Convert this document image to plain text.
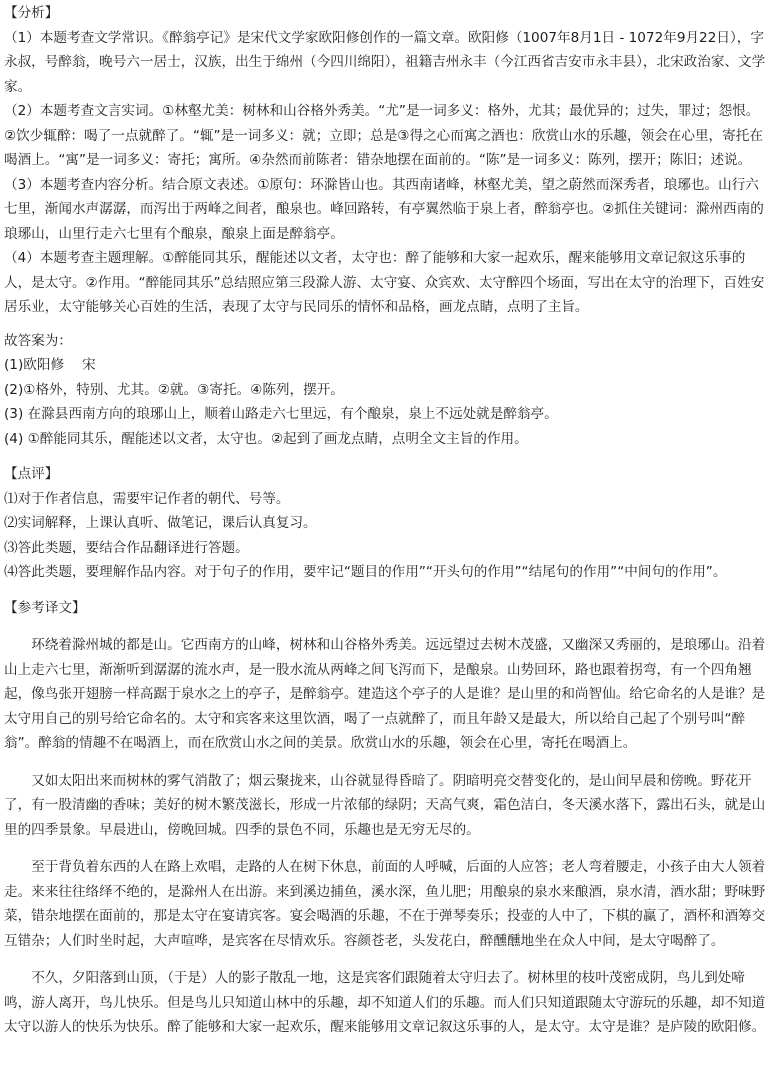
【分析】

（1）本题考查文学常识。《醉翁亭记》是宋代文学家欧阳修创作的一篇文章。欧阳修（1007年8月1日 - 1072年9月22日），字永叔，号醉翁，晚号六一居士，汉族，出生于绵州（今四川绵阳），祖籍吉州永丰（今江西省吉安市永丰县），北宋政治家、文学家。

（2）本题考查文言实词。①林壑尤美：树林和山谷格外秀美。“尤”是一词多义：格外，尤其；最优异的；过失，罪过；怨恨。②饮少辄醉：喝了一点就醉了。“辄”是一词多义：就；立即；总是③得之心而寓之酒也：欣赏山水的乐趣，领会在心里，寄托在喝酒上。“寓”是一词多义：寄托；寓所。④杂然而前陈者：错杂地摆在面前的。“陈”是一词多义：陈列，摆开；陈旧；述说。

（3）本题考查内容分析。结合原文表述。①原句：环滁皆山也。其西南诸峰，林壑尤美，望之蔚然而深秀者，琅琊也。山行六七里，渐闻水声潺潺，而泻出于两峰之间者，酿泉也。峰回路转，有亭翼然临于泉上者，醉翁亭也。②抓住关键词：滁州西南的琅琊山，山里行走六七里有个酿泉，酿泉上面是醉翁亭。

（4）本题考查主题理解。①醉能同其乐，醒能述以文者，太守也：醉了能够和大家一起欢乐，醒来能够用文章记叙这乐事的人，是太守。②作用。“醉能同其乐”总结照应第三段滁人游、太守宴、众宾欢、太守醉四个场面，写出在太守的治理下，百姓安居乐业，太守能够关心百姓的生活，表现了太守与民同乐的情怀和品格，画龙点睛，点明了主旨。

故答案为：

(1)欧阳修　 宋

(2)①格外，特别、尤其。②就。③寄托。④陈列，摆开。

(3) 在滁县西南方向的琅琊山上，顺着山路走六七里远，有个酿泉，泉上不远处就是醉翁亭。

(4) ①醉能同其乐，醒能述以文者，太守也。②起到了画龙点睛，点明全文主旨的作用。

【点评】

⑴对于作者信息，需要牢记作者的朝代、号等。

⑵实词解释，上课认真听、做笔记，课后认真复习。

⑶答此类题，要结合作品翻译进行答题。

⑷答此类题，要理解作品内容。对于句子的作用，要牢记“题目的作用”“开头句的作用”“结尾句的作用”“中间句的作用”。

【参考译文】

环绕着滁州城的都是山。它西南方的山峰，树林和山谷格外秀美。远远望过去树木茂盛，又幽深又秀丽的，是琅琊山。沿着山上走六七里，渐渐听到潺潺的流水声，是一股水流从两峰之间飞泻而下，是酿泉。山势回环，路也跟着拐弯，有一个四角翘起，像鸟张开翅膀一样高踞于泉水之上的亭子，是醉翁亭。建造这个亭子的人是谁？是山里的和尚智仙。给它命名的人是谁？是太守用自己的别号给它命名的。太守和宾客来这里饮酒，喝了一点就醉了，而且年龄又是最大，所以给自己起了个别号叫“醉翁”。醉翁的情趣不在喝酒上，而在欣赏山水之间的美景。欣赏山水的乐趣，领会在心里，寄托在喝酒上。

又如太阳出来而树林的雾气消散了；烟云聚拢来，山谷就显得昏暗了。阴暗明亮交替变化的，是山间早晨和傍晚。野花开了，有一股清幽的香味；美好的树木繁茂滋长，形成一片浓郁的绿阴；天高气爽，霜色洁白，冬天溪水落下，露出石头，就是山里的四季景象。早晨进山，傍晚回城。四季的景色不同，乐趣也是无穷无尽的。

至于背负着东西的人在路上欢唱，走路的人在树下休息，前面的人呼喊，后面的人应答；老人弯着腰走，小孩子由大人领着走。来来往往络绎不绝的，是滁州人在出游。来到溪边捕鱼，溪水深，鱼儿肥；用酿泉的泉水来酿酒，泉水清，酒水甜；野味野菜，错杂地摆在面前的，那是太守在宴请宾客。宴会喝酒的乐趣，不在于弹琴奏乐；投壶的人中了，下棋的赢了，酒杯和酒筹交互错杂；人们时坐时起，大声喧哗，是宾客在尽情欢乐。容颜苍老，头发花白，醉醺醺地坐在众人中间，是太守喝醉了。

不久，夕阳落到山顶，（于是）人的影子散乱一地，这是宾客们跟随着太守归去了。树林里的枝叶茂密成阴，鸟儿到处啼鸣，游人离开，鸟儿快乐。但是鸟儿只知道山林中的乐趣，却不知道人们的乐趣。而人们只知道跟随太守游玩的乐趣，却不知道太守以游人的快乐为快乐。醉了能够和大家一起欢乐，醒来能够用文章记叙这乐事的人，是太守。太守是谁？是庐陵的欧阳修。
